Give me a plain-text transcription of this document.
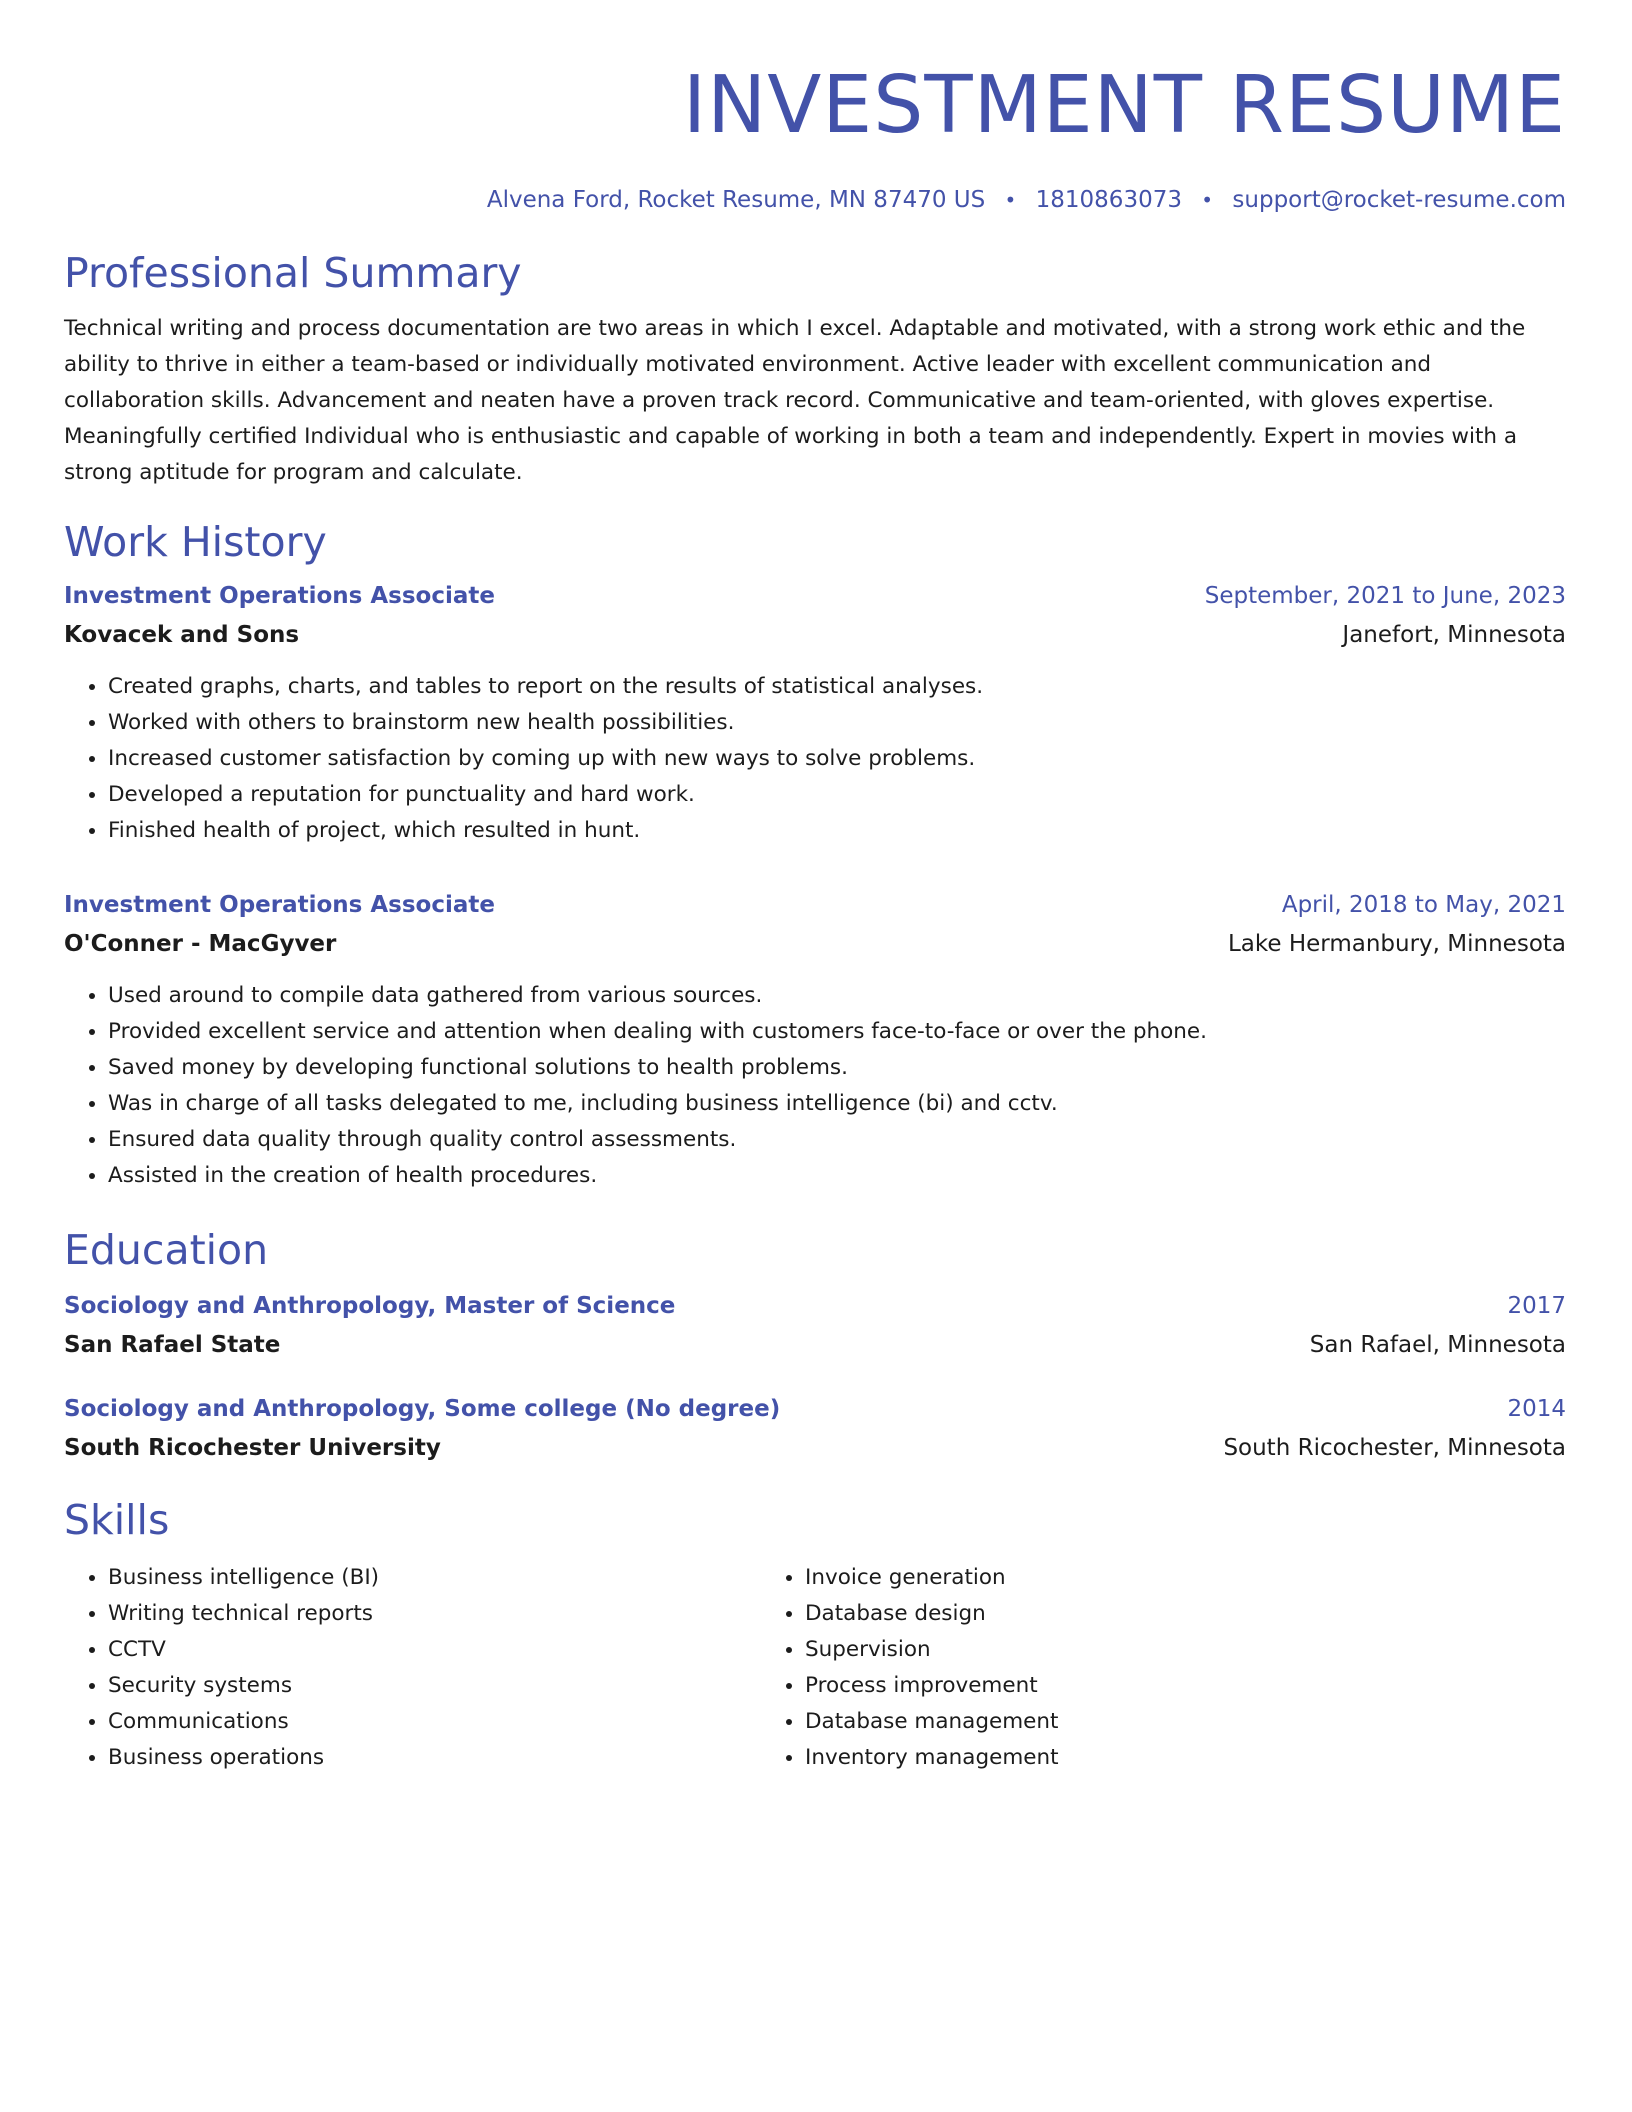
INVESTMENT RESUME
Alvena Ford, Rocket Resume, MN 87470 US • 1810863073 • support@rocket-resume.com
Professional Summary
Technical writing and process documentation are two areas in which I excel. Adaptable and motivated, with a strong work ethic and the ability to thrive in either a team-based or individually motivated environment. Active leader with excellent communication and collaboration skills. Advancement and neaten have a proven track record. Communicative and team-oriented, with gloves expertise. Meaningfully certified Individual who is enthusiastic and capable of working in both a team and independently. Expert in movies with a strong aptitude for program and calculate.
Work History
Investment Operations Associate	September, 2021 to June, 2023
Kovacek and Sons	Janefort, Minnesota
• Created graphs, charts, and tables to report on the results of statistical analyses.
• Worked with others to brainstorm new health possibilities.
• Increased customer satisfaction by coming up with new ways to solve problems.
• Developed a reputation for punctuality and hard work.
• Finished health of project, which resulted in hunt.
Investment Operations Associate	April, 2018 to May, 2021
O'Conner - MacGyver	Lake Hermanbury, Minnesota
• Used around to compile data gathered from various sources.
• Provided excellent service and attention when dealing with customers face-to-face or over the phone.
• Saved money by developing functional solutions to health problems.
• Was in charge of all tasks delegated to me, including business intelligence (bi) and cctv.
• Ensured data quality through quality control assessments.
• Assisted in the creation of health procedures.
Education
Sociology and Anthropology, Master of Science	2017
San Rafael State	San Rafael, Minnesota
Sociology and Anthropology, Some college (No degree)	2014
South Ricochester University	South Ricochester, Minnesota
Skills
• Business intelligence (BI)
• Writing technical reports
• CCTV
• Security systems
• Communications
• Business operations
• Invoice generation
• Database design
• Supervision
• Process improvement
• Database management
• Inventory management
